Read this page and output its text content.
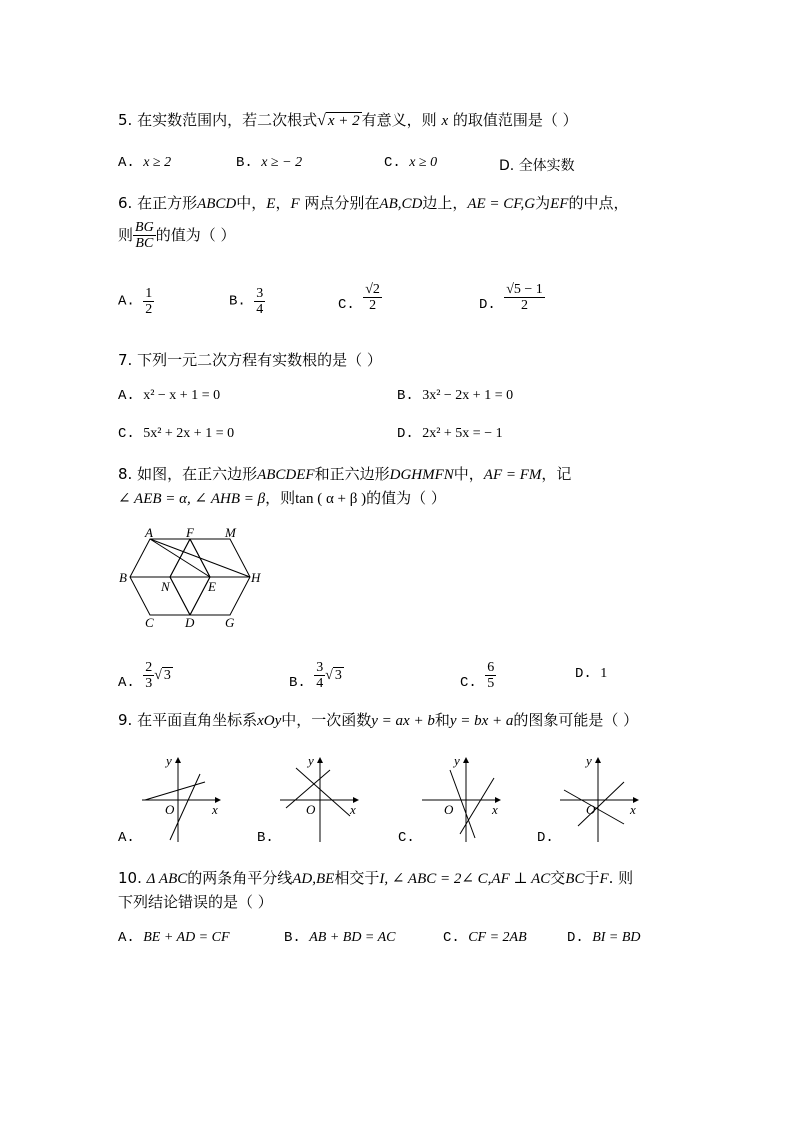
5. 在实数范围内，若二次根式√ x + 2 有意义，则 x 的取值范围是（ ）
A. x ≥ 2	B. x ≥ − 2	C. x ≥ 0	D. 全体实数
6. 在正方形ABCD中，E，F 两点分别在AB,CD边上，AE = CF,G为EF的中点，
则 $\frac{BG}{BC}$ 的值为（ ）
A. $\frac{1}{2}$	B. $\frac{3}{4}$	C. $\frac{√2}{2}$	D. $\frac{√5 - 1}{2}$
7. 下列一元二次方程有实数根的是（ ）
A. x² − x + 1 = 0	B. 3x² − 2x + 1 = 0
C. 5x² + 2x + 1 = 0	D. 2x² + 5x = − 1
8. 如图，在正六边形ABCDEF和正六边形DGHMFN中，AF = FM，记
∠ AEB = α, ∠ AHB = β，则tan ( α + β )的值为（ ）
A	F M
B
N	E
H
C D G
A. $\frac{2}{3}$ √ 3	B. $\frac{3}{4}$ √ 3	C. $\frac{6}{5}$	D. 1
9. 在平面直角坐标系xOy中，一次函数y = ax + b和y = bx + a的图象可能是（ ）
y
x
O
A.
y
x
O
B.
y
x
O
C.
y
x
O
D.
10. Δ ABC的两条角平分线AD,BE相交于I, ∠ ABC = 2∠ C,AF ⊥ AC交BC于F. 则
下列结论错误的是（ ）
A. BE + AD = CF	B. AB + BD = AC	C. CF = 2AB	D. BI = BD
